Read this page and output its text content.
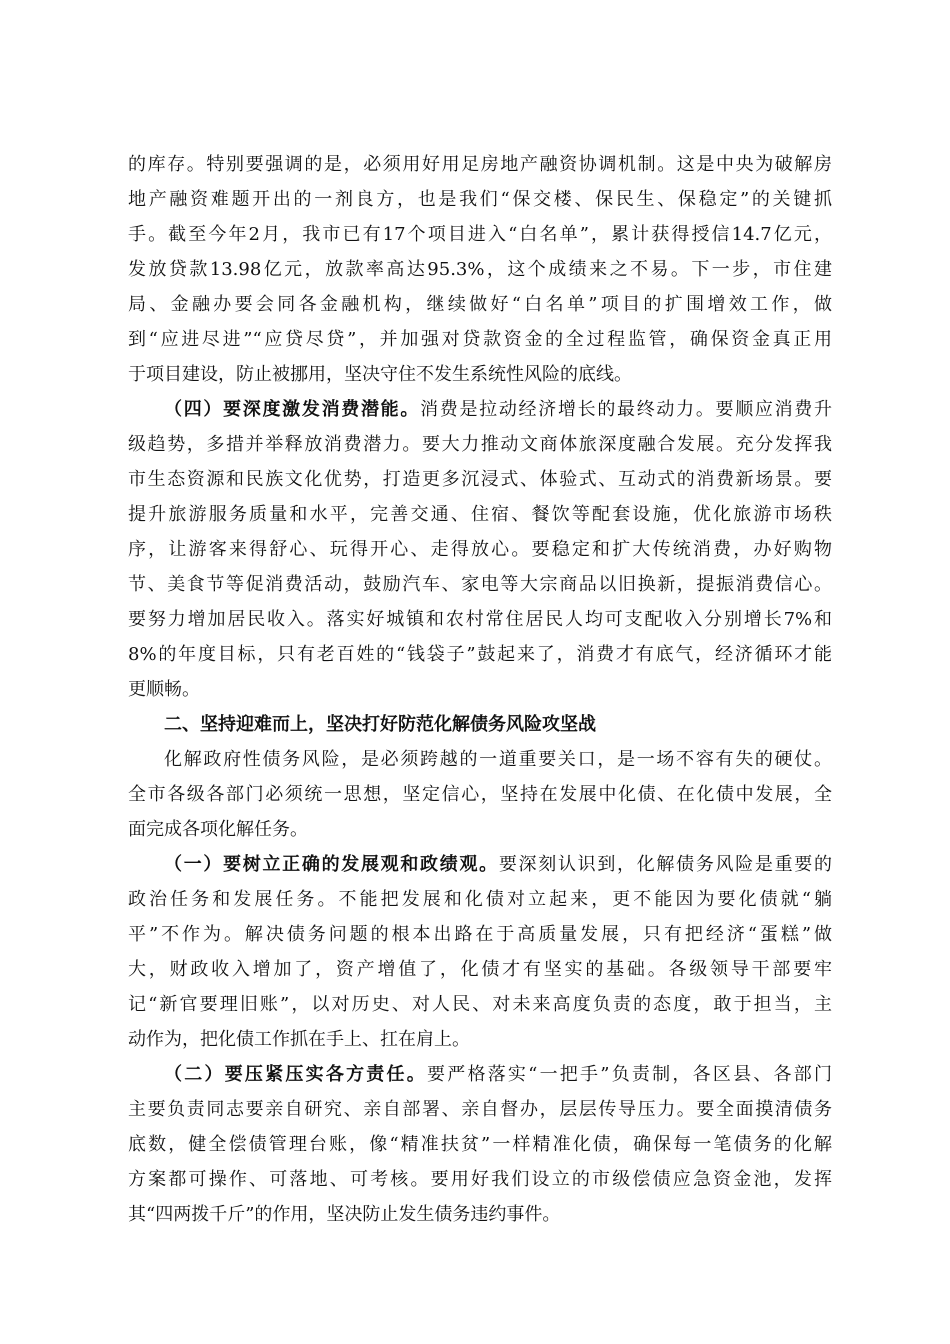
的库存。特别要强调的是，必须用好用足房地产融资协调机制。这是中央为破解房
地产融资难题开出的一剂良方，也是我们“保交楼、保民生、保稳定”的关键抓
手。截至今年2月，我市已有17个项目进入“白名单”，累计获得授信14.7亿元，
发放贷款13.98亿元，放款率高达95.3%，这个成绩来之不易。下一步，市住建
局、金融办要会同各金融机构，继续做好“白名单”项目的扩围增效工作，做
到“应进尽进”“应贷尽贷”，并加强对贷款资金的全过程监管，确保资金真正用
于项目建设，防止被挪用，坚决守住不发生系统性风险的底线。
（四）要深度激发消费潜能。消费是拉动经济增长的最终动力。要顺应消费升
级趋势，多措并举释放消费潜力。要大力推动文商体旅深度融合发展。充分发挥我
市生态资源和民族文化优势，打造更多沉浸式、体验式、互动式的消费新场景。要
提升旅游服务质量和水平，完善交通、住宿、餐饮等配套设施，优化旅游市场秩
序，让游客来得舒心、玩得开心、走得放心。要稳定和扩大传统消费，办好购物
节、美食节等促消费活动，鼓励汽车、家电等大宗商品以旧换新，提振消费信心。
要努力增加居民收入。落实好城镇和农村常住居民人均可支配收入分别增长7%和
8%的年度目标，只有老百姓的“钱袋子”鼓起来了，消费才有底气，经济循环才能
更顺畅。
二、坚持迎难而上，坚决打好防范化解债务风险攻坚战
化解政府性债务风险，是必须跨越的一道重要关口，是一场不容有失的硬仗。
全市各级各部门必须统一思想，坚定信心，坚持在发展中化债、在化债中发展，全
面完成各项化解任务。
（一）要树立正确的发展观和政绩观。要深刻认识到，化解债务风险是重要的
政治任务和发展任务。不能把发展和化债对立起来，更不能因为要化债就“躺
平”不作为。解决债务问题的根本出路在于高质量发展，只有把经济“蛋糕”做
大，财政收入增加了，资产增值了，化债才有坚实的基础。各级领导干部要牢
记“新官要理旧账”，以对历史、对人民、对未来高度负责的态度，敢于担当，主
动作为，把化债工作抓在手上、扛在肩上。
（二）要压紧压实各方责任。要严格落实“一把手”负责制，各区县、各部门
主要负责同志要亲自研究、亲自部署、亲自督办，层层传导压力。要全面摸清债务
底数，健全偿债管理台账，像“精准扶贫”一样精准化债，确保每一笔债务的化解
方案都可操作、可落地、可考核。要用好我们设立的市级偿债应急资金池，发挥
其“四两拨千斤”的作用，坚决防止发生债务违约事件。
